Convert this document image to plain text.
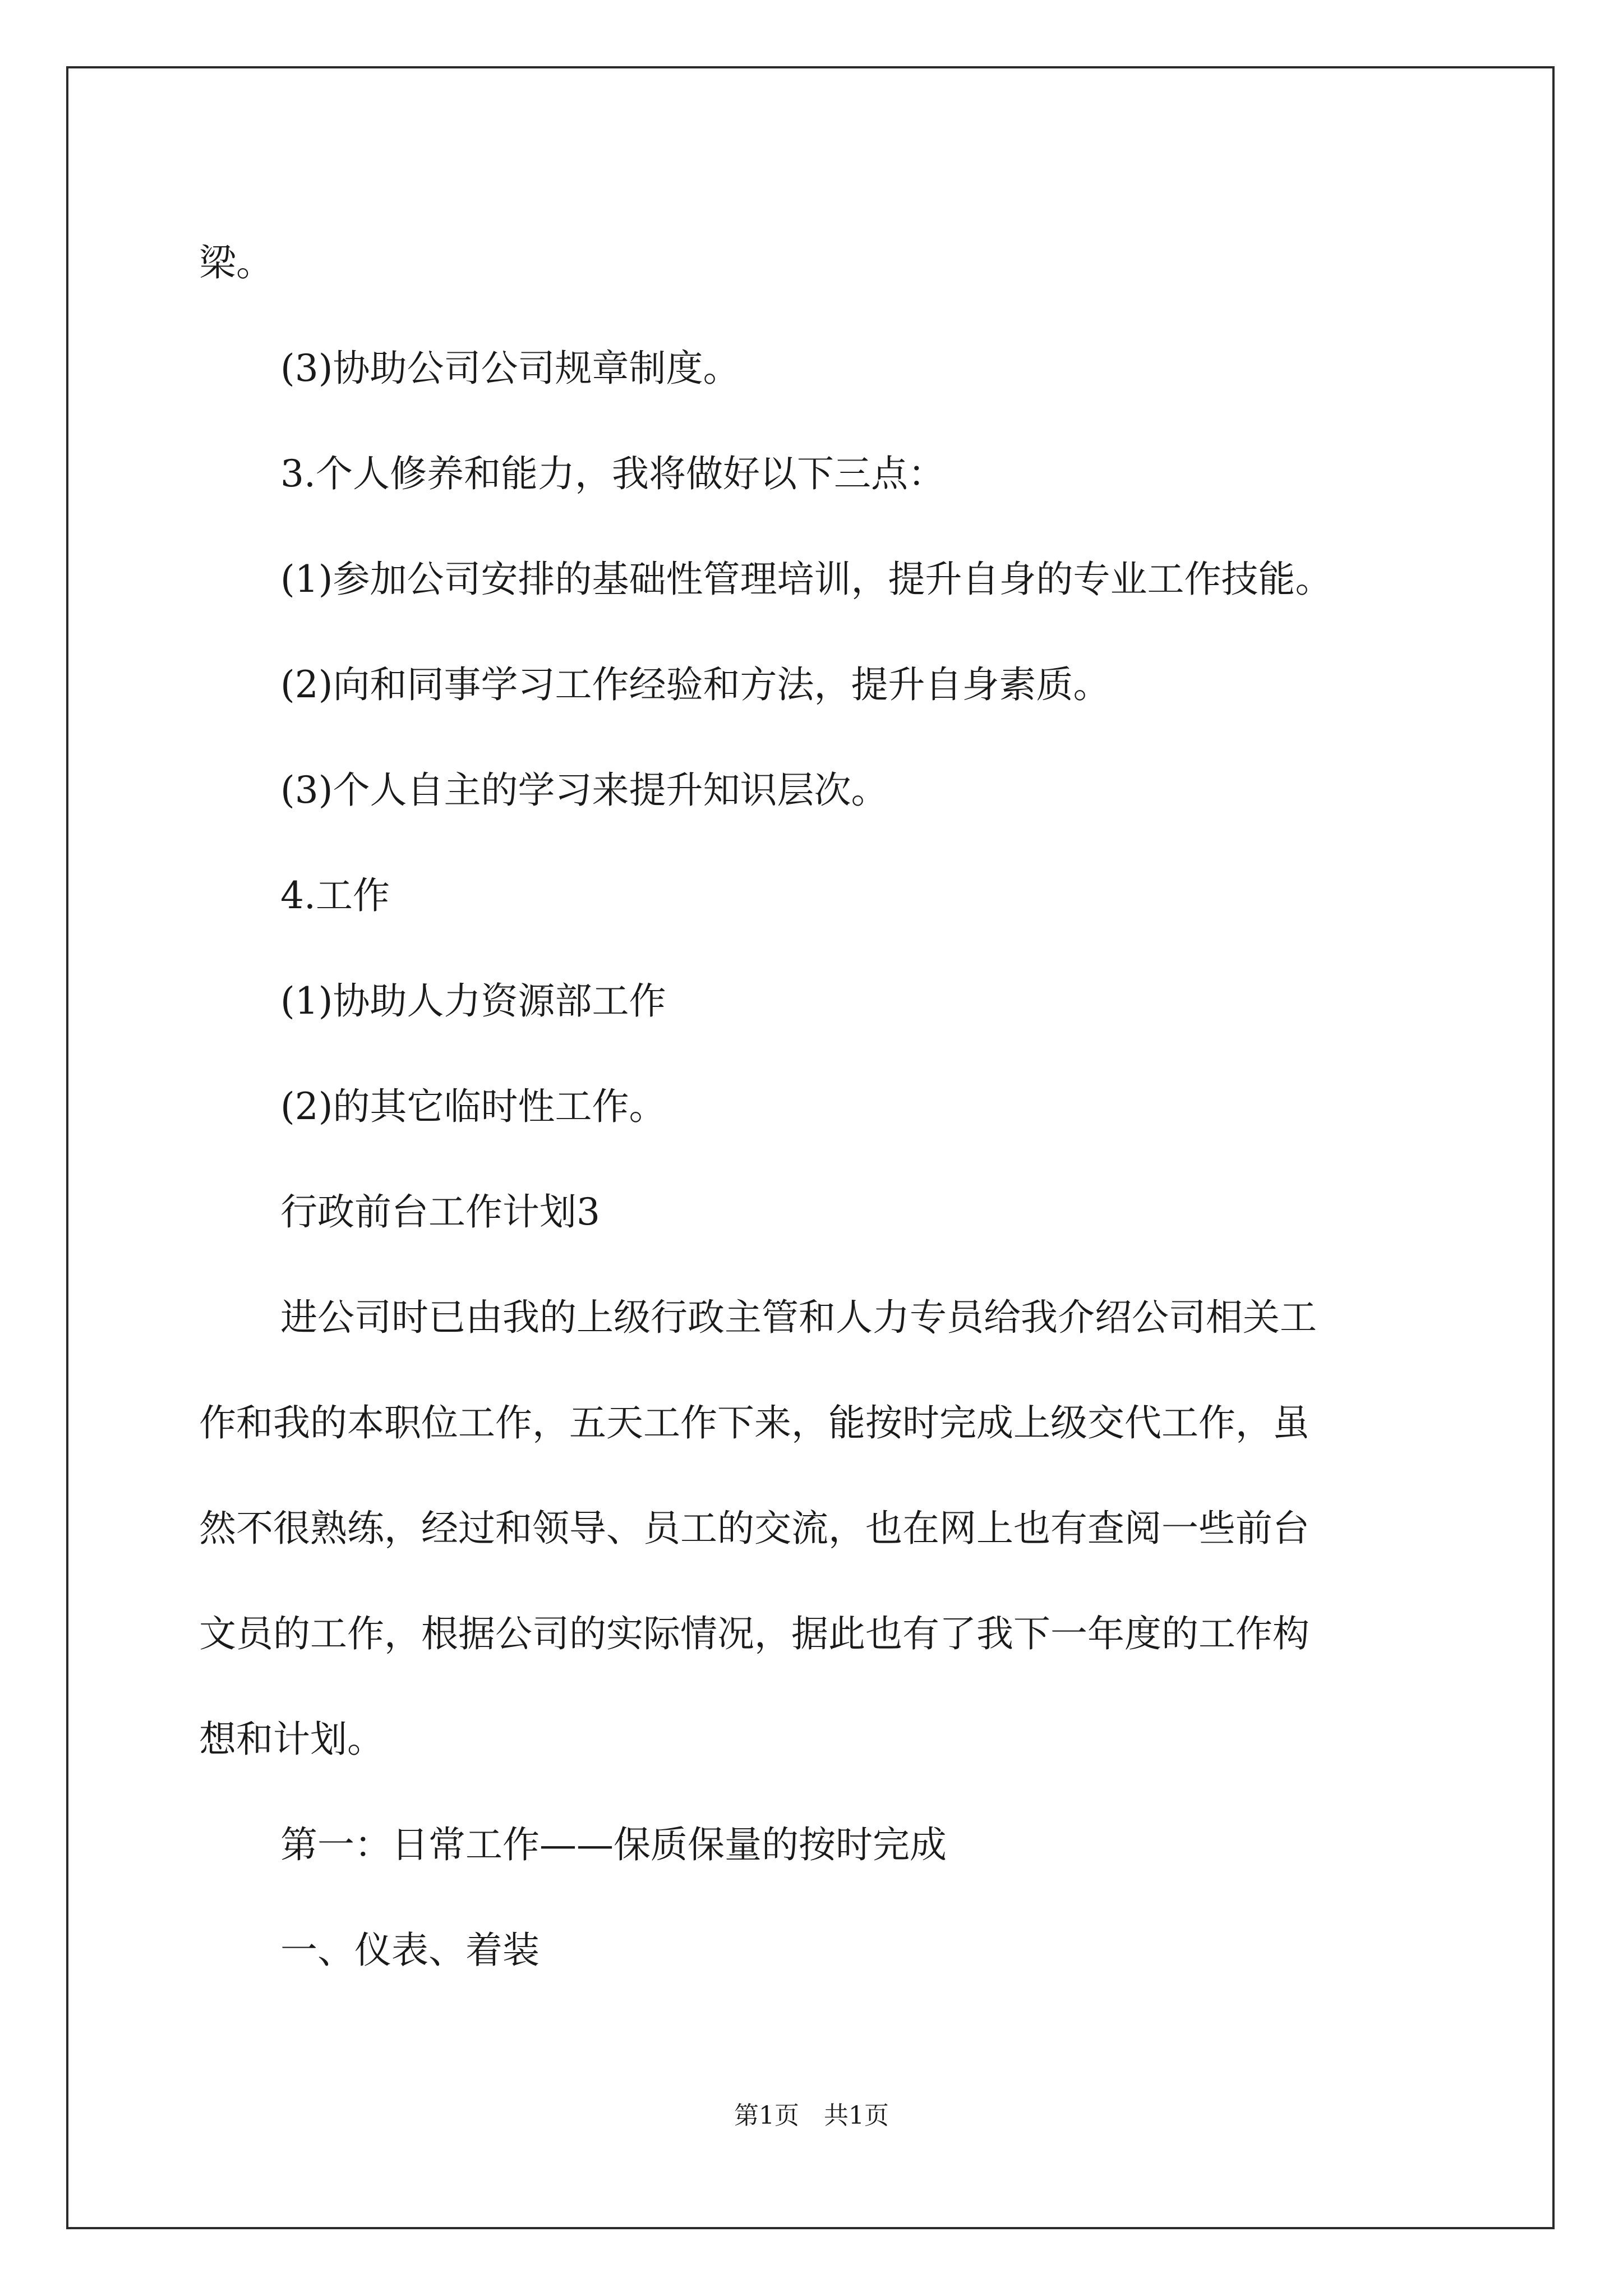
梁。

(3)协助公司公司规章制度。

3.个人修养和能力，我将做好以下三点：

(1)参加公司安排的基础性管理培训，提升自身的专业工作技能。

(2)向和同事学习工作经验和方法，提升自身素质。

(3)个人自主的学习来提升知识层次。

4.工作

(1)协助人力资源部工作

(2)的其它临时性工作。

行政前台工作计划3

进公司时已由我的上级行政主管和人力专员给我介绍公司相关工

作和我的本职位工作，五天工作下来，能按时完成上级交代工作，虽

然不很熟练，经过和领导、员工的交流，也在网上也有查阅一些前台

文员的工作，根据公司的实际情况，据此也有了我下一年度的工作构

想和计划。

第一：日常工作——保质保量的按时完成

一、仪表、着装

第1页　共1页
